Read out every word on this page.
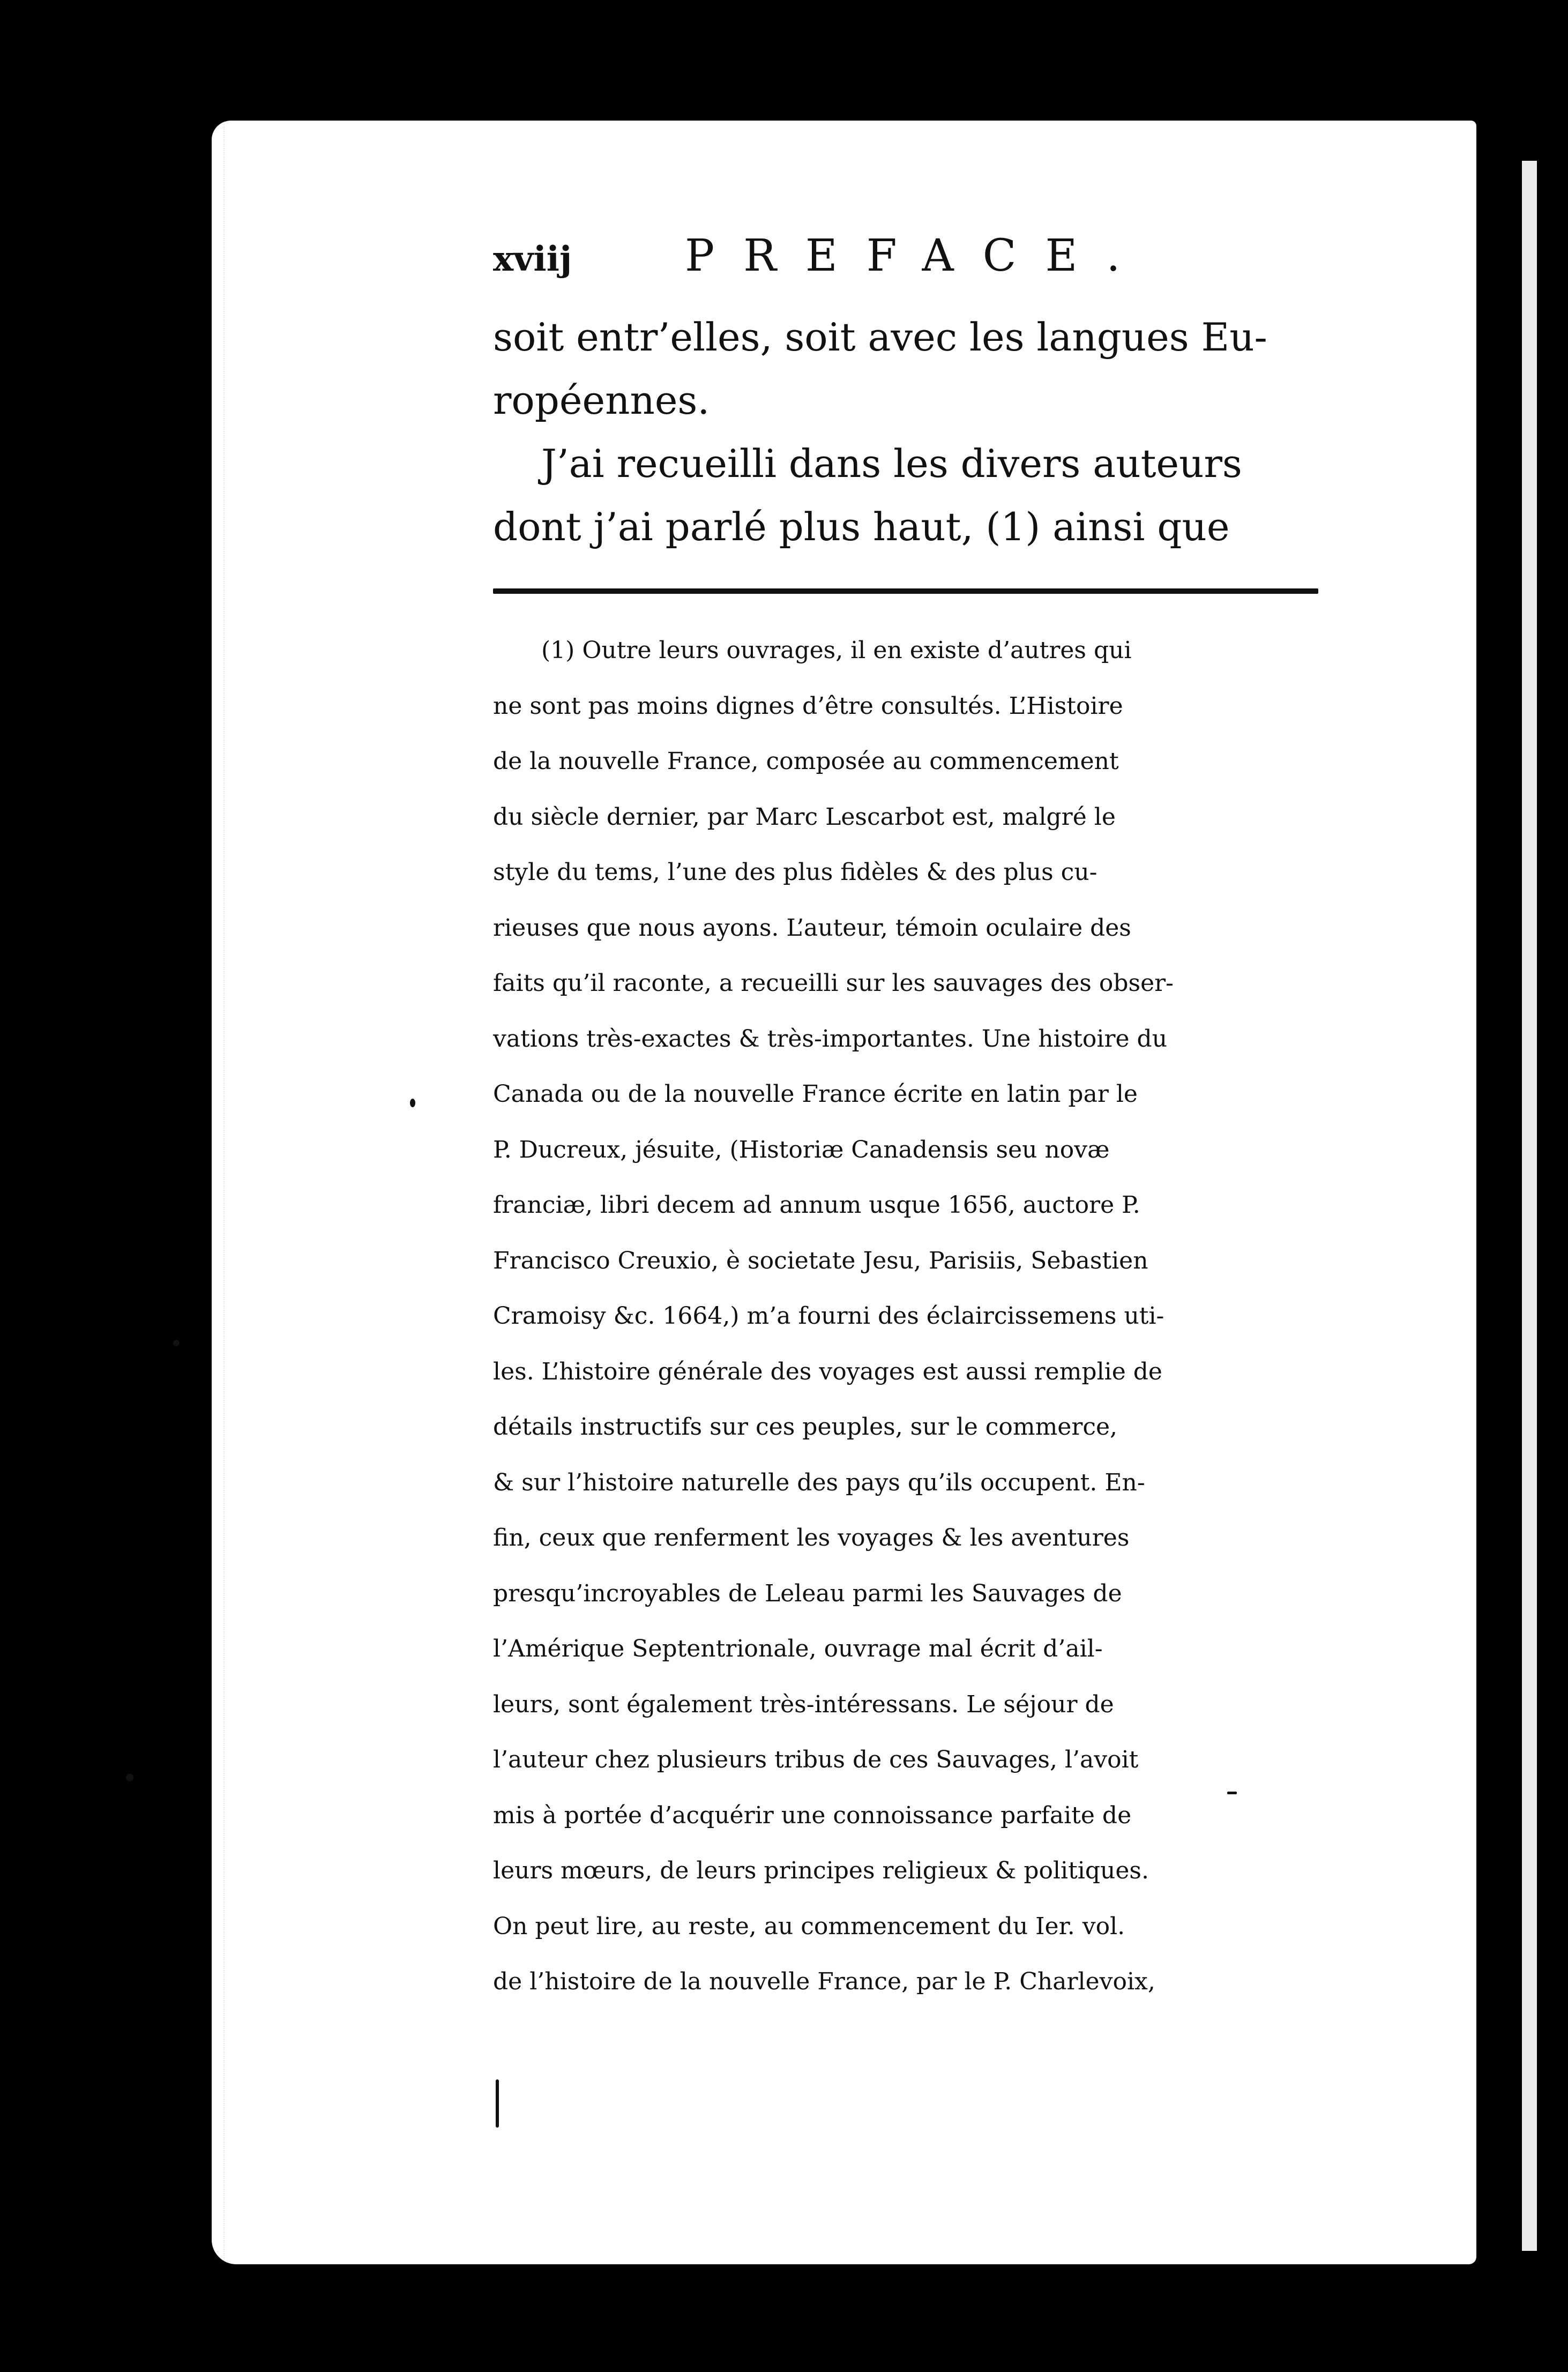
xviij	PREFACE.

soit entr’elles, soit avec les langues Eu-
ropéennes.

J’ai recueilli dans les divers auteurs
dont j’ai parlé plus haut, (1) ainsi que

(1) Outre leurs ouvrages, il en existe d’autres qui
ne sont pas moins dignes d’être consultés. L’Histoire
de la nouvelle France, composée au commencement
du siècle dernier, par Marc Lescarbot est, malgré le
style du tems, l’une des plus fidèles & des plus cu-
rieuses que nous ayons. L’auteur, témoin oculaire des
faits qu’il raconte, a recueilli sur les sauvages des obser-
vations très-exactes & très-importantes. Une histoire du
Canada ou de la nouvelle France écrite en latin par le
P. Ducreux, jésuite, (Historiæ Canadensis seu novæ
franciæ, libri decem ad annum usque 1656, auctore P.
Francisco Creuxio, è societate Jesu, Parisiis, Sebastien
Cramoisy &c. 1664,) m’a fourni des éclaircissemens uti-
les. L’histoire générale des voyages est aussi remplie de
détails instructifs sur ces peuples, sur le commerce,
& sur l’histoire naturelle des pays qu’ils occupent. En-
fin, ceux que renferment les voyages & les aventures
presqu’incroyables de Leleau parmi les Sauvages de
l’Amérique Septentrionale, ouvrage mal écrit d’ail-
leurs, sont également très-intéressans. Le séjour de
l’auteur chez plusieurs tribus de ces Sauvages, l’avoit
mis à portée d’acquérir une connoissance parfaite de
leurs mœurs, de leurs principes religieux & politiques.
On peut lire, au reste, au commencement du Ier. vol.
de l’histoire de la nouvelle France, par le P. Charlevoix,
